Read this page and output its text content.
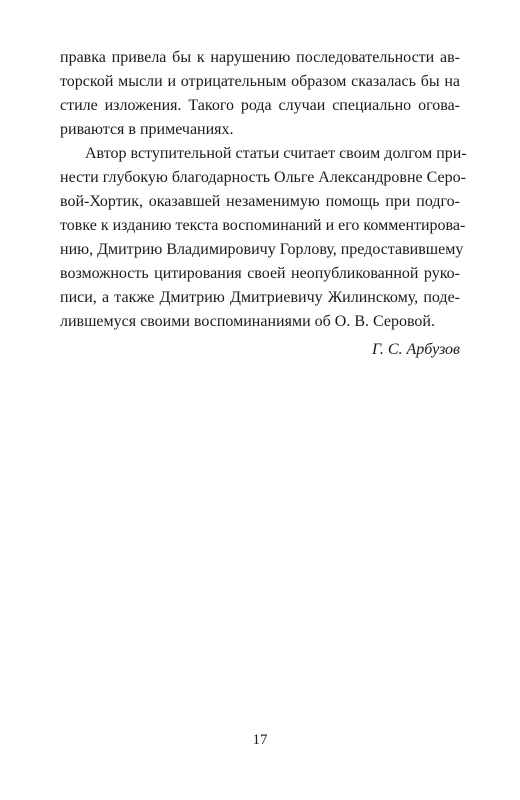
правка привела бы к нарушению последовательности ав-
торской мысли и отрицательным образом сказалась бы на
стиле изложения. Такого рода случаи специально огова-
риваются в примечаниях.
Автор вступительной статьи считает своим долгом при-
нести глубокую благодарность Ольге Александровне Серо-
вой-Хортик, оказавшей незаменимую помощь при подго-
товке к изданию текста воспоминаний и его комментирова-
нию, Дмитрию Владимировичу Горлову, предоставившему
возможность цитирования своей неопубликованной руко-
писи, а также Дмитрию Дмитриевичу Жилинскому, поде-
лившемуся своими воспоминаниями об О. В. Серовой.
Г. С. Арбузов
17
